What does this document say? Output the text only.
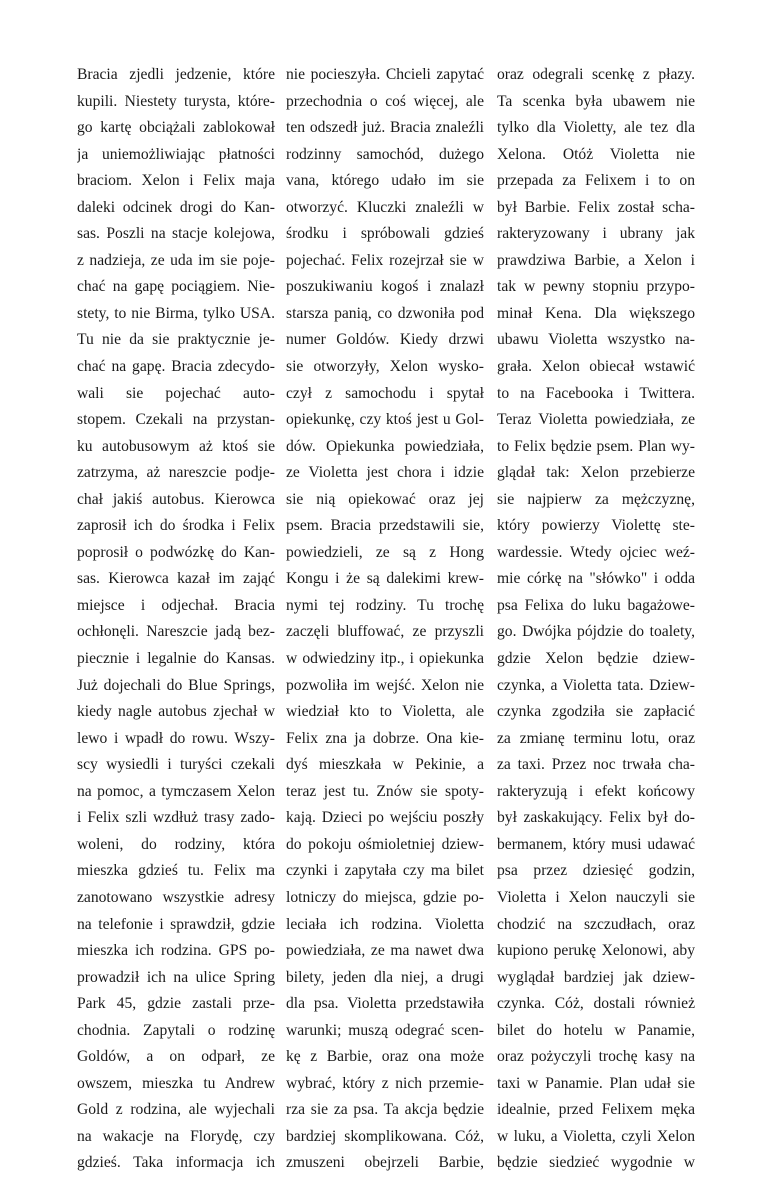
Bracia zjedli jedzenie, które
kupili. Niestety turysta, które-
go kartę obciążali zablokował
ja uniemożliwiając płatności
braciom. Xelon i Felix maja
daleki odcinek drogi do Kan-
sas. Poszli na stacje kolejowa,
z nadzieja, ze uda im sie poje-
chać na gapę pociągiem. Nie-
stety, to nie Birma, tylko USA.
Tu nie da sie praktycznie je-
chać na gapę. Bracia zdecydo-
wali sie pojechać auto-
stopem. Czekali na przystan-
ku autobusowym aż ktoś sie
zatrzyma, aż nareszcie podje-
chał jakiś autobus. Kierowca
zaprosił ich do środka i Felix
poprosił o podwózkę do Kan-
sas. Kierowca kazał im zająć
miejsce i odjechał. Bracia
ochłonęli. Nareszcie jadą bez-
piecznie i legalnie do Kansas.
Już dojechali do Blue Springs,
kiedy nagle autobus zjechał w
lewo i wpadł do rowu. Wszy-
scy wysiedli i turyści czekali
na pomoc, a tymczasem Xelon
i Felix szli wzdłuż trasy zado-
woleni, do rodziny, która
mieszka gdzieś tu. Felix ma
zanotowano wszystkie adresy
na telefonie i sprawdził, gdzie
mieszka ich rodzina. GPS po-
prowadził ich na ulice Spring
Park 45, gdzie zastali prze-
chodnia. Zapytali o rodzinę
Goldów, a on odparł, ze
owszem, mieszka tu Andrew
Gold z rodzina, ale wyjechali
na wakacje na Florydę, czy
gdzieś. Taka informacja ich
nie pocieszyła. Chcieli zapytać
przechodnia o coś więcej, ale
ten odszedł już. Bracia znaleźli
rodzinny samochód, dużego
vana, którego udało im sie
otworzyć. Kluczki znaleźli w
środku i spróbowali gdzieś
pojechać. Felix rozejrzał sie w
poszukiwaniu kogoś i znalazł
starsza panią, co dzwoniła pod
numer Goldów. Kiedy drzwi
sie otworzyły, Xelon wysko-
czył z samochodu i spytał
opiekunkę, czy ktoś jest u Gol-
dów. Opiekunka powiedziała,
ze Violetta jest chora i idzie
sie nią opiekować oraz jej
psem. Bracia przedstawili sie,
powiedzieli, ze są z Hong
Kongu i że są dalekimi krew-
nymi tej rodziny. Tu trochę
zaczęli bluffować, ze przyszli
w odwiedziny itp., i opiekunka
pozwoliła im wejść. Xelon nie
wiedział kto to Violetta, ale
Felix zna ja dobrze. Ona kie-
dyś mieszkała w Pekinie, a
teraz jest tu. Znów sie spoty-
kają. Dzieci po wejściu poszły
do pokoju ośmioletniej dziew-
czynki i zapytała czy ma bilet
lotniczy do miejsca, gdzie po-
leciała ich rodzina. Violetta
powiedziała, ze ma nawet dwa
bilety, jeden dla niej, a drugi
dla psa. Violetta przedstawiła
warunki; muszą odegrać scen-
kę z Barbie, oraz ona może
wybrać, który z nich przemie-
rza sie za psa. Ta akcja będzie
bardziej skomplikowana. Cóż,
zmuszeni obejrzeli Barbie,
oraz odegrali scenkę z płazy.
Ta scenka była ubawem nie
tylko dla Violetty, ale tez dla
Xelona. Otóż Violetta nie
przepada za Felixem i to on
był Barbie. Felix został scha-
rakteryzowany i ubrany jak
prawdziwa Barbie, a Xelon i
tak w pewny stopniu przypo-
minał Kena. Dla większego
ubawu Violetta wszystko na-
grała. Xelon obiecał wstawić
to na Facebooka i Twittera.
Teraz Violetta powiedziała, ze
to Felix będzie psem. Plan wy-
glądał tak: Xelon przebierze
sie najpierw za mężczyznę,
który powierzy Violettę ste-
wardessie. Wtedy ojciec weź-
mie córkę na "słówko" i odda
psa Felixa do luku bagażowe-
go. Dwójka pójdzie do toalety,
gdzie Xelon będzie dziew-
czynka, a Violetta tata. Dziew-
czynka zgodziła sie zapłacić
za zmianę terminu lotu, oraz
za taxi. Przez noc trwała cha-
rakteryzują i efekt końcowy
był zaskakujący. Felix był do-
bermanem, który musi udawać
psa przez dziesięć godzin,
Violetta i Xelon nauczyli sie
chodzić na szczudłach, oraz
kupiono perukę Xelonowi, aby
wyglądał bardziej jak dziew-
czynka. Cóż, dostali również
bilet do hotelu w Panamie,
oraz pożyczyli trochę kasy na
taxi w Panamie. Plan udał sie
idealnie, przed Felixem męka
w luku, a Violetta, czyli Xelon
będzie siedzieć wygodnie w
